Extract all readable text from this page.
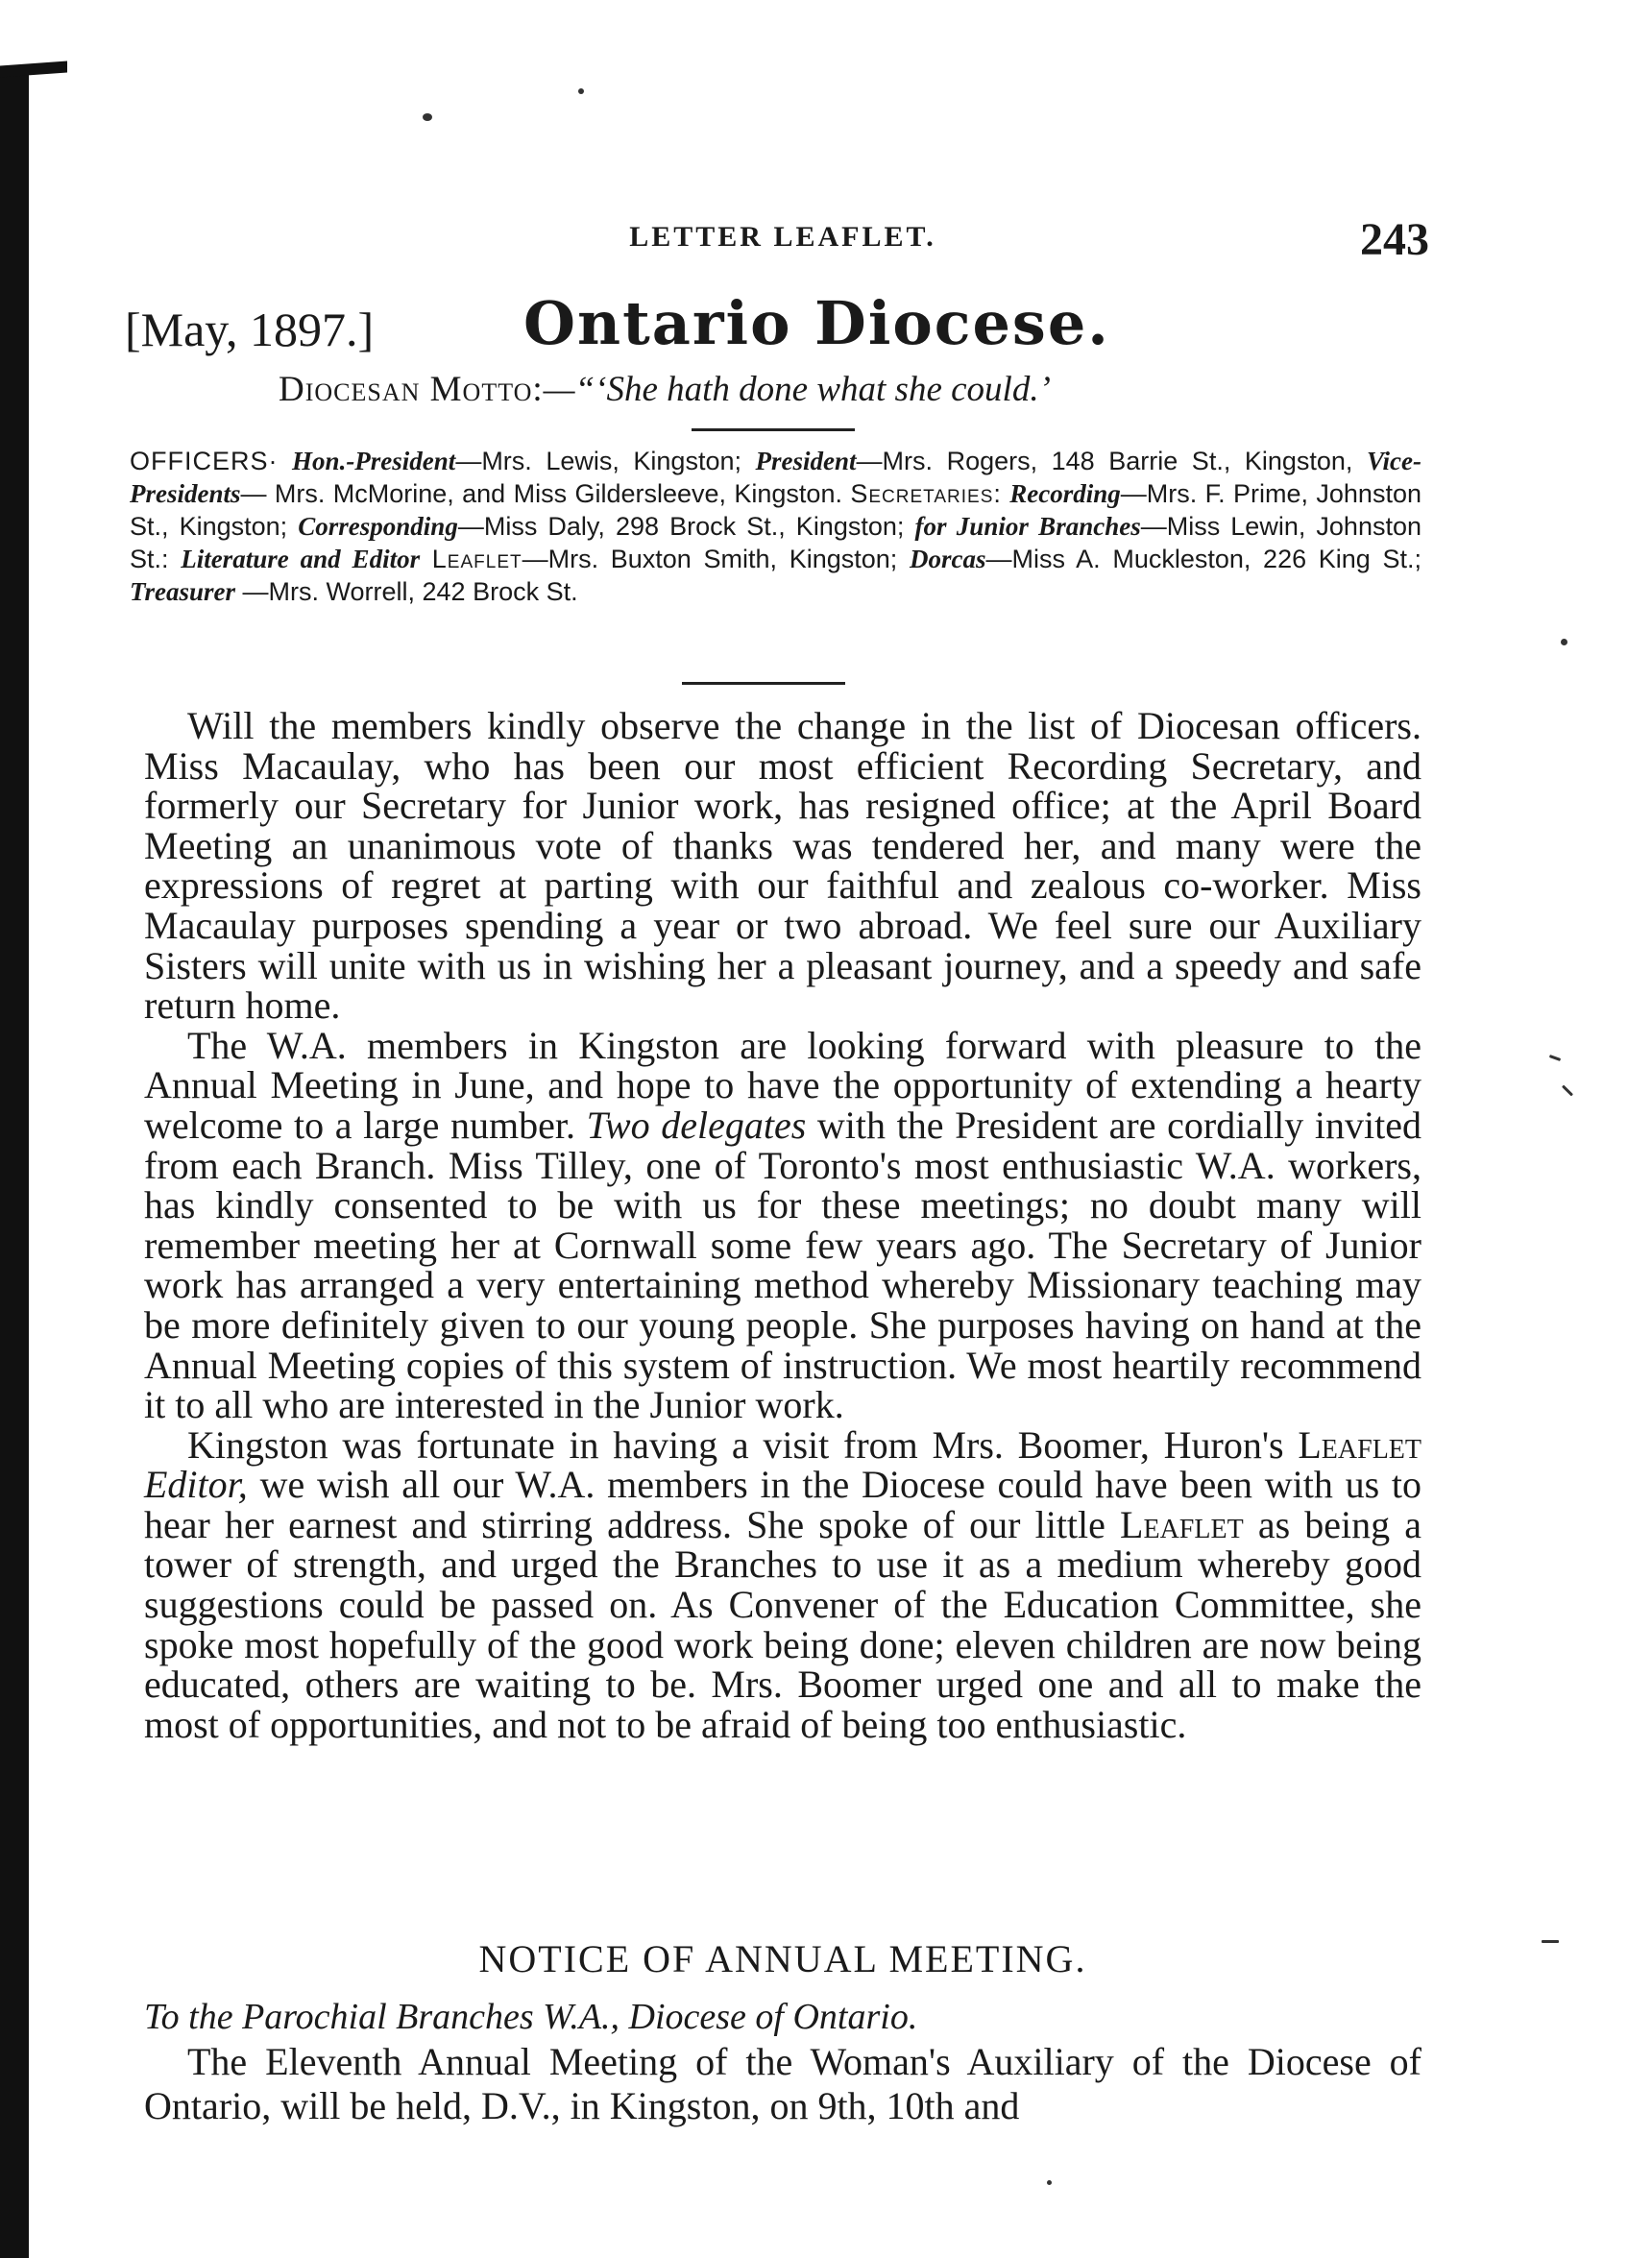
LETTER LEAFLET.	243
[May, 1897.]	Ontario Diocese.
Diocesan Motto:—“‘She hath done what she could.’
OFFICERS· Hon.-President—Mrs. Lewis, Kingston; President—Mrs. Rogers, 148 Barrie St., Kingston, Vice-Presidents— Mrs. McMorine, and Miss Gildersleeve, Kingston. Secretaries: Recording—Mrs. F. Prime, Johnston St., Kingston; Corresponding—Miss Daly, 298 Brock St., Kingston; for Junior Branches—Miss Lewin, Johnston St.: Literature and Editor Leaflet—Mrs. Buxton Smith, Kingston; Dorcas—Miss A. Muckleston, 226 King St.; Treasurer —Mrs. Worrell, 242 Brock St.

Will the members kindly observe the change in the list of Diocesan officers. Miss Macaulay, who has been our most efficient Recording Secretary, and formerly our Secretary for Junior work, has resigned office; at the April Board Meeting an unanimous vote of thanks was tendered her, and many were the expressions of regret at parting with our faithful and zealous co-worker. Miss Macaulay purposes spending a year or two abroad. We feel sure our Auxiliary Sisters will unite with us in wishing her a pleasant journey, and a speedy and safe return home.

The W.A. members in Kingston are looking forward with pleasure to the Annual Meeting in June, and hope to have the opportunity of extending a hearty welcome to a large number. Two delegates with the President are cordially invited from each Branch. Miss Tilley, one of Toronto's most enthusiastic W.A. workers, has kindly consented to be with us for these meetings; no doubt many will remember meeting her at Cornwall some few years ago. The Secretary of Junior work has arranged a very entertaining method whereby Missionary teaching may be more definitely given to our young people. She purposes having on hand at the Annual Meeting copies of this system of instruction. We most heartily recommend it to all who are interested in the Junior work.

Kingston was fortunate in having a visit from Mrs. Boomer, Huron's Leaflet Editor, we wish all our W.A. members in the Diocese could have been with us to hear her earnest and stirring address. She spoke of our little Leaflet as being a tower of strength, and urged the Branches to use it as a medium whereby good suggestions could be passed on. As Convener of the Education Committee, she spoke most hopefully of the good work being done; eleven children are now being educated, others are waiting to be. Mrs. Boomer urged one and all to make the most of opportunities, and not to be afraid of being too enthusiastic.

NOTICE OF ANNUAL MEETING.
To the Parochial Branches W.A., Diocese of Ontario.

The Eleventh Annual Meeting of the Woman's Auxiliary of the Diocese of Ontario, will be held, D.V., in Kingston, on 9th, 10th and
